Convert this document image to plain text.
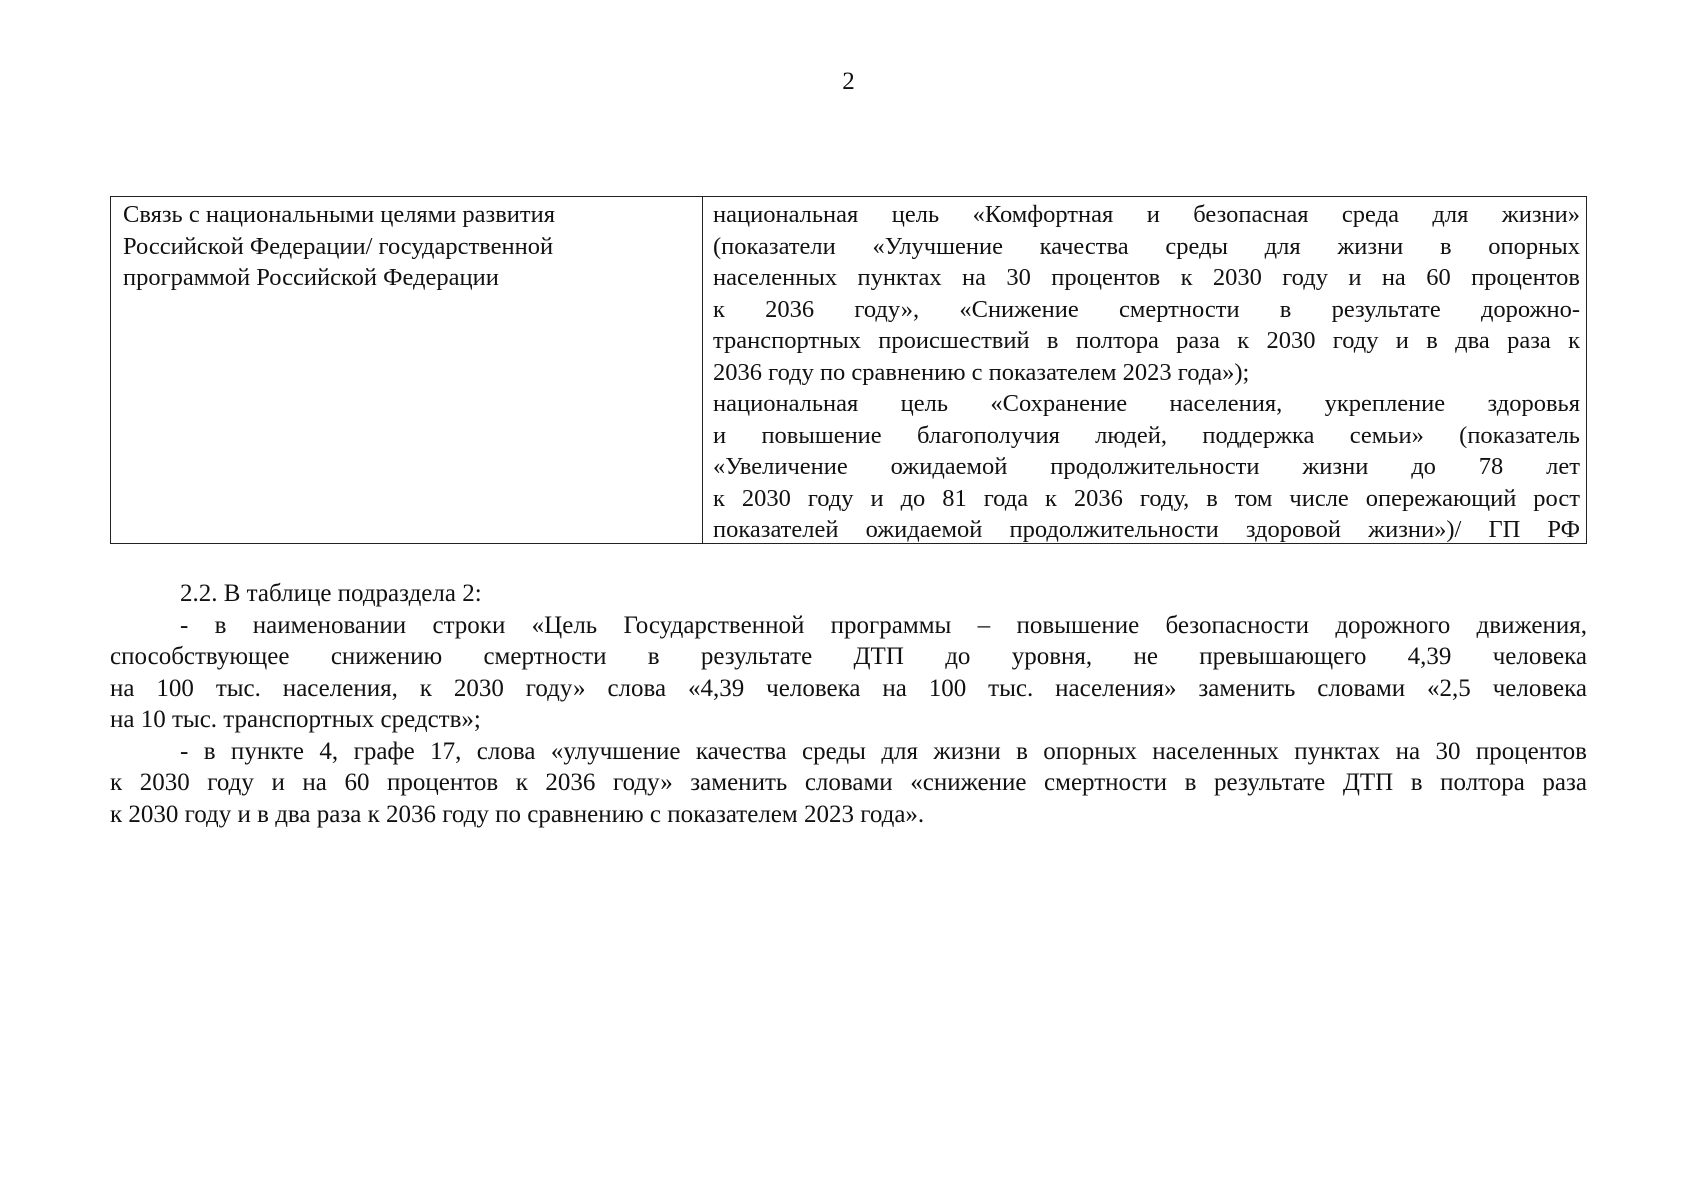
2
Связь с национальными целями развития
Российской Федерации/ государственной
программой Российской Федерации
национальная цель «Комфортная и безопасная среда для жизни»
(показатели «Улучшение качества среды для жизни в опорных
населенных пунктах на 30 процентов к 2030 году и на 60 процентов
к 2036 году», «Снижение смертности в результате дорожно-
транспортных происшествий в полтора раза к 2030 году и в два раза к
2036 году по сравнению с показателем 2023 года»);
национальная цель «Сохранение населения, укрепление здоровья
и повышение благополучия людей, поддержка семьи» (показатель
«Увеличение ожидаемой продолжительности жизни до 78 лет
к 2030 году и до 81 года к 2036 году, в том числе опережающий рост
показателей ожидаемой продолжительности здоровой жизни»)/ ГП РФ
2.2. В таблице подраздела 2:
- в наименовании строки «Цель Государственной программы – повышение безопасности дорожного движения,
способствующее снижению смертности в результате ДТП до уровня, не превышающего 4,39 человека
на 100 тыс. населения, к 2030 году» слова «4,39 человека на 100 тыс. населения» заменить словами «2,5 человека
на 10 тыс. транспортных средств»;
- в пункте 4, графе 17, слова «улучшение качества среды для жизни в опорных населенных пунктах на 30 процентов
к 2030 году и на 60 процентов к 2036 году» заменить словами «снижение смертности в результате ДТП в полтора раза
к 2030 году и в два раза к 2036 году по сравнению с показателем 2023 года».
